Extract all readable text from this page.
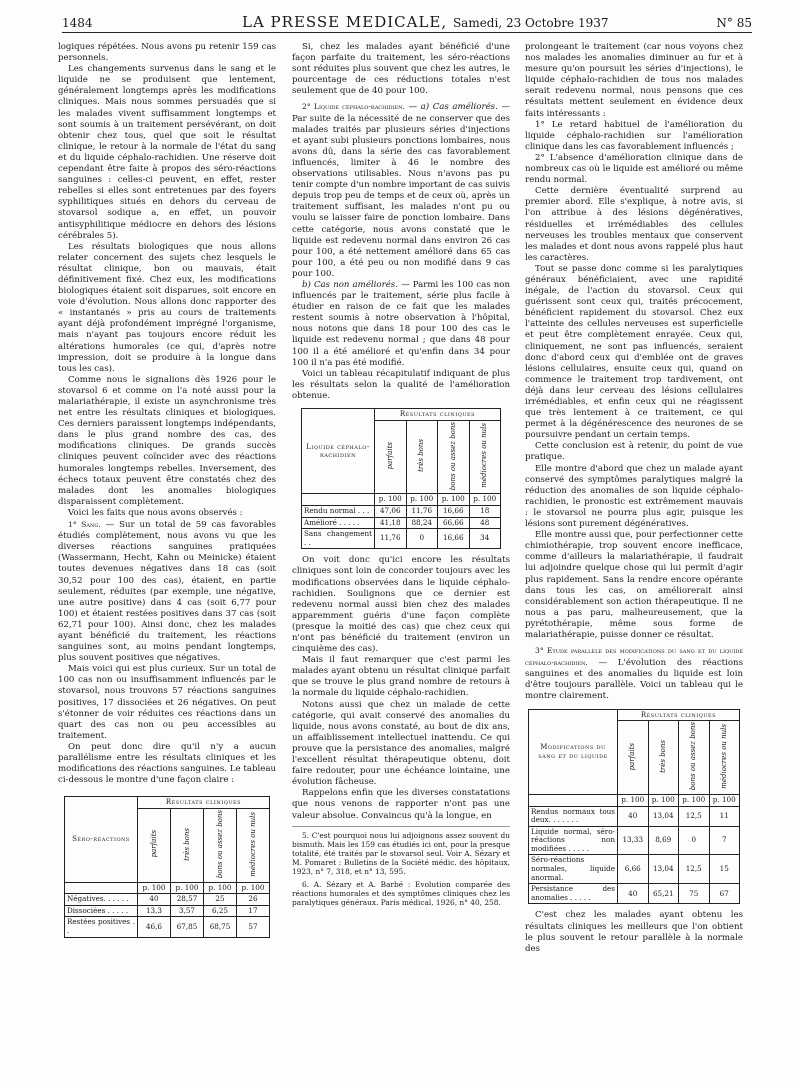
1484	LA PRESSE MEDICALE, Samedi, 23 Octobre 1937	N° 85

logiques répétées. Nous avons pu retenir 159 cas personnels.

Les changements survenus dans le sang et le liquide ne se produisent que lentement, généralement longtemps après les modifications cliniques. Mais nous sommes persuadés que si les malades vivent suffisamment longtemps et sont soumis à un traitement persévérant, on doit obtenir chez tous, quel que soit le résultat clinique, le retour à la normale de l'état du sang et du liquide céphalo-rachidien. Une réserve doit cependant être faite à propos des séro-réactions sanguines : celles-ci peuvent, en effet, rester rebelles si elles sont entretenues par des foyers syphilitiques situés en dehors du cerveau de stovarsol sodique a, en effet, un pouvoir antisyphilitique médiocre en dehors des lésions cérébrales 5).

Les résultats biologiques que nous allons relater concernent des sujets chez lesquels le résultat clinique, bon ou mauvais, était définitivement fixé. Chez eux, les modifications biologiques étaient soit disparues, soit encore en voie d'évolution. Nous allons donc rapporter des « instantanés » pris au cours de traitements ayant déjà profondément imprégné l'organisme, mais n'ayant pas toujours encore réduit les altérations humorales (ce qui, d'après notre impression, doit se produire à la longue dans tous les cas).

Comme nous le signalions dès 1926 pour le stovarsol 6 et comme on l'a noté aussi pour la malariathérapie, il existe un asynchronisme très net entre les résultats cliniques et biologiques. Ces derniers paraissent longtemps indépendants, dans le plus grand nombre des cas, des modifications cliniques. De grands succès cliniques peuvent coïncider avec des réactions humorales longtemps rebelles. Inversement, des échecs totaux peuvent être constatés chez des malades dont les anomalies biologiques disparaissent complètement.

Voici les faits que nous avons observés :

1° Sang. — Sur un total de 59 cas favorables étudiés complètement, nous avons vu que les diverses réactions sanguines pratiquées (Wassermann, Hecht, Kahn ou Meinicke) étaient toutes devenues négatives dans 18 cas (soit 30,52 pour 100 des cas), étaient, en partie seulement, réduites (par exemple, une négative, une autre positive) dans 4 cas (soit 6,77 pour 100) et étaient restées positives dans 37 cas (soit 62,71 pour 100). Ainsi donc, chez les malades ayant bénéficié du traitement, les réactions sanguines sont, au moins pendant longtemps, plus souvent positives que négatives.

Mais voici qui est plus curieux. Sur un total de 100 cas non ou insuffisamment influencés par le stovarsol, nous trouvons 57 réactions sanguines positives, 17 dissociées et 26 négatives. On peut s'étonner de voir réduites ces réactions dans un quart des cas non ou peu accessibles au traitement.

On peut donc dire qu'il n'y a aucun parallélisme entre les résultats cliniques et les modifications des réactions sanguines. Le tableau ci-dessous le montre d'une façon claire :

Séro-réactions	Résultats cliniques			
	parfaits	très bons	bons ou assez bons	médiocres ou nuls
	p. 100	p. 100	p. 100	p. 100
Négatives. . . . . .	40	28,57	25	26
Dissociées . . . . .	13,3	3,57	6,25	17
Restées positives . .	46,6	67,85	68,75	57

Si, chez les malades ayant bénéficié d'une façon parfaite du traitement, les séro-réactions sont réduites plus souvent que chez les autres, le pourcentage de ces réductions totales n'est seulement que de 40 pour 100.

2° Liquide céphalo-rachidien. — a) Cas améliorés. — Par suite de la nécessité de ne conserver que des malades traités par plusieurs séries d'injections et ayant subi plusieurs ponctions lombaires, nous avons dû, dans la série des cas favorablement influencés, limiter à 46 le nombre des observations utilisables. Nous n'avons pas pu tenir compte d'un nombre important de cas suivis depuis trop peu de temps et de ceux où, après un traitement suffisant, les malades n'ont pu ou voulu se laisser faire de ponction lombaire. Dans cette catégorie, nous avons constaté que le liquide est redevenu normal dans environ 26 cas pour 100, a été nettement amélioré dans 65 cas pour 100, a été peu ou non modifié dans 9 cas pour 100.

b) Cas non améliorés. — Parmi les 100 cas non influencés par le traitement, série plus facile à étudier en raison de ce fait que les malades restent soumis à notre observation à l'hôpital, nous notons que dans 18 pour 100 des cas le liquide est redevenu normal ; que dans 48 pour 100 il a été amélioré et qu'enfin dans 34 pour 100 il n'a pas été modifié.

Voici un tableau récapitulatif indiquant de plus les résultats selon la qualité de l'amélioration obtenue.

Liquide céphalo-rachidien	Résultats cliniques			
	parfaits	très bons	bons ou assez bons	médiocres ou nuls
	p. 100	p. 100	p. 100	p. 100
Rendu normal . . .	47,06	11,76	16,66	18
Amélioré . . . . .	41,18	88,24	66,66	48
Sans changement . .	11,76	0	16,66	34

On voit donc qu'ici encore les résultats cliniques sont loin de concorder toujours avec les modifications observées dans le liquide céphalo-rachidien. Soulignons que ce dernier est redevenu normal aussi bien chez des malades apparemment guéris d'une façon complète (presque la moitié des cas) que chez ceux qui n'ont pas bénéficié du traitement (environ un cinquième des cas).

Mais il faut remarquer que c'est parmi les malades ayant obtenu un résultat clinique parfait que se trouve le plus grand nombre de retours à la normale du liquide céphalo-rachidien.

Notons aussi que chez un malade de cette catégorie, qui avait conservé des anomalies du liquide, nous avons constaté, au bout de dix ans, un affaiblissement intellectuel inattendu. Ce qui prouve que la persistance des anomalies, malgré l'excellent résultat thérapeutique obtenu, doit faire redouter, pour une échéance lointaine, une évolution fâcheuse.

Rappelons enfin que les diverses constatations que nous venons de rapporter n'ont pas une valeur absolue. Convaincus qu'à la longue, en

5. C'est pourquoi nous lui adjoignons assez souvent du bismuth. Mais les 159 cas étudiés ici ont, pour la presque totalité, été traités par le stovarsol seul. Voir A. Sézary et M. Pomaret : Bulletins de la Société médic. des hôpitaux, 1923, n° 7, 318, et n° 13, 595.

6. A. Sézary et A. Barbé : Evolution comparée des réactions humorales et des symptômes cliniques chez les paralytiques généraux. Paris médical, 1926, n° 40, 258.

prolongeant le traitement (car nous voyons chez nos malades les anomalies diminuer au fur et à mesure qu'on poursuit les séries d'injections), le liquide céphalo-rachidien de tous nos malades serait redevenu normal, nous pensons que ces résultats mettent seulement en évidence deux faits intéressants :

1° Le retard habituel de l'amélioration du liquide céphalo-rachidien sur l'amélioration clinique dans les cas favorablement influencés ;

2° L'absence d'amélioration clinique dans de nombreux cas où le liquide est amélioré ou même rendu normal.

Cette dernière éventualité surprend au premier abord. Elle s'explique, à notre avis, si l'on attribue à des lésions dégénératives, résiduelles et irrémédiables des cellules nerveuses les troubles mentaux que conservent les malades et dont nous avons rappelé plus haut les caractères.

Tout se passe donc comme si les paralytiques généraux bénéficiaient, avec une rapidité inégale, de l'action du stovarsol. Ceux qui guérissent sont ceux qui, traités précocement, bénéficient rapidement du stovarsol. Chez eux l'atteinte des cellules nerveuses est superficielle et peut être complètement enrayée. Ceux qui, cliniquement, ne sont pas influencés, seraient donc d'abord ceux qui d'emblée ont de graves lésions cellulaires, ensuite ceux qui, quand on commence le traitement trop tardivement, ont déjà dans leur cerveau des lésions cellulaires irrémédiables, et enfin ceux qui ne réagissent que très lentement à ce traitement, ce qui permet à la dégénérescence des neurones de se poursuivre pendant un certain temps.

Cette conclusion est à retenir, du point de vue pratique.

Elle montre d'abord que chez un malade ayant conservé des symptômes paralytiques malgré la réduction des anomalies de son liquide céphalo-rachidien, le pronostic est extrêmement mauvais : le stovarsol ne pourra plus agir, puisque les lésions sont purement dégénératives.

Elle montre aussi que, pour perfectionner cette chimiothérapie, trop souvent encore inefficace, comme d'ailleurs la malariathérapie, il faudrait lui adjoindre quelque chose qui lui permît d'agir plus rapidement. Sans la rendre encore opérante dans tous les cas, on améliorerait ainsi considérablement son action thérapeutique. Il ne nous a pas paru, malheureusement, que la pyrétothérapie, même sous forme de malariathérapie, puisse donner ce résultat.

3° Etude parallèle des modifications du sang et du liquide céphalo-rachidien. — L'évolution des réactions sanguines et des anomalies du liquide est loin d'être toujours parallèle. Voici un tableau qui le montre clairement.

Modifications du sang et du liquide	Résultats cliniques			
	parfaits	très bons	bons ou assez bons	médiocres ou nuls
	p. 100	p. 100	p. 100	p. 100
Rendus normaux tous deux. . . . . . .	40	13,04	12,5	11
Liquide normal, séro-réactions non modifiées . . . . .	13,33	8,69	0	7
Séro-réactions normales, liquide anormal.	6,66	13,04	12,5	15
Persistance des anomalies . . . . .	40	65,21	75	67

C'est chez les malades ayant obtenu les résultats cliniques les meilleurs que l'on obtient le plus souvent le retour parallèle à la normale des
